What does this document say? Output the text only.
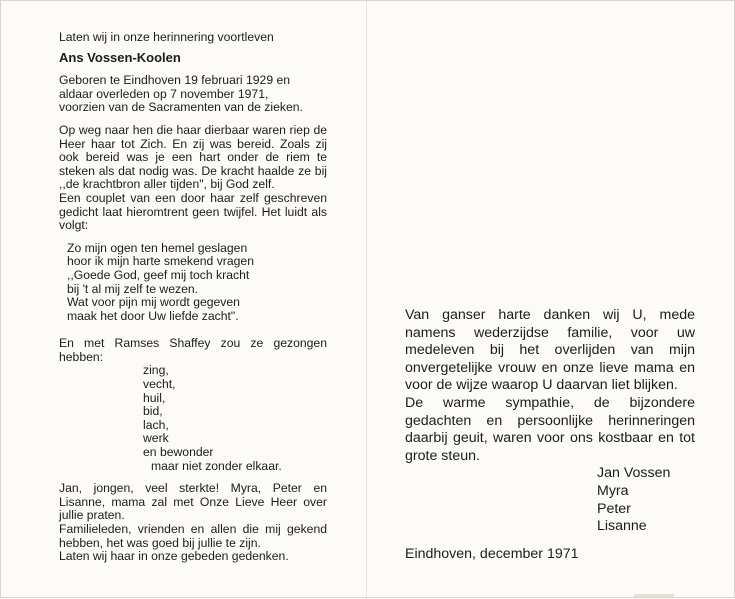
Laten wij in onze herinnering voortleven

Ans Vossen-Koolen

Geboren te Eindhoven 19 februari 1929 en

aldaar overleden op 7 november 1971,

voorzien van de Sacramenten van de zieken.

Op weg naar hen die haar dierbaar waren riep de Heer haar tot Zich. En zij was bereid. Zoals zij ook bereid was je een hart onder de riem te steken als dat nodig was. De kracht haalde ze bij ,,de krachtbron aller tijden", bij God zelf.

Een couplet van een door haar zelf geschreven gedicht laat hieromtrent geen twijfel. Het luidt als volgt:

Zo mijn ogen ten hemel geslagen
hoor ik mijn harte smekend vragen
,,Goede God, geef mij toch kracht
bij 't al mij zelf te wezen.
Wat voor pijn mij wordt gegeven
maak het door Uw liefde zacht".

En met Ramses Shaffey zou ze gezongen hebben:

zing,
vecht,
huil,
bid,
lach,
werk
en bewonder
maar niet zonder elkaar.

Jan, jongen, veel sterkte! Myra, Peter en Lisanne, mama zal met Onze Lieve Heer over jullie praten.

Familieleden, vrienden en allen die mij gekend hebben, het was goed bij jullie te zijn.

Laten wij haar in onze gebeden gedenken.

Van ganser harte danken wij U, mede namens wederzijdse familie, voor uw medeleven bij het overlijden van mijn onvergetelijke vrouw en onze lieve mama en voor de wijze waarop U daarvan liet blijken.

De warme sympathie, de bijzondere gedachten en persoonlijke herinneringen daarbij geuit, waren voor ons kostbaar en tot grote steun.

Jan Vossen
Myra
Peter
Lisanne

Eindhoven, december 1971
